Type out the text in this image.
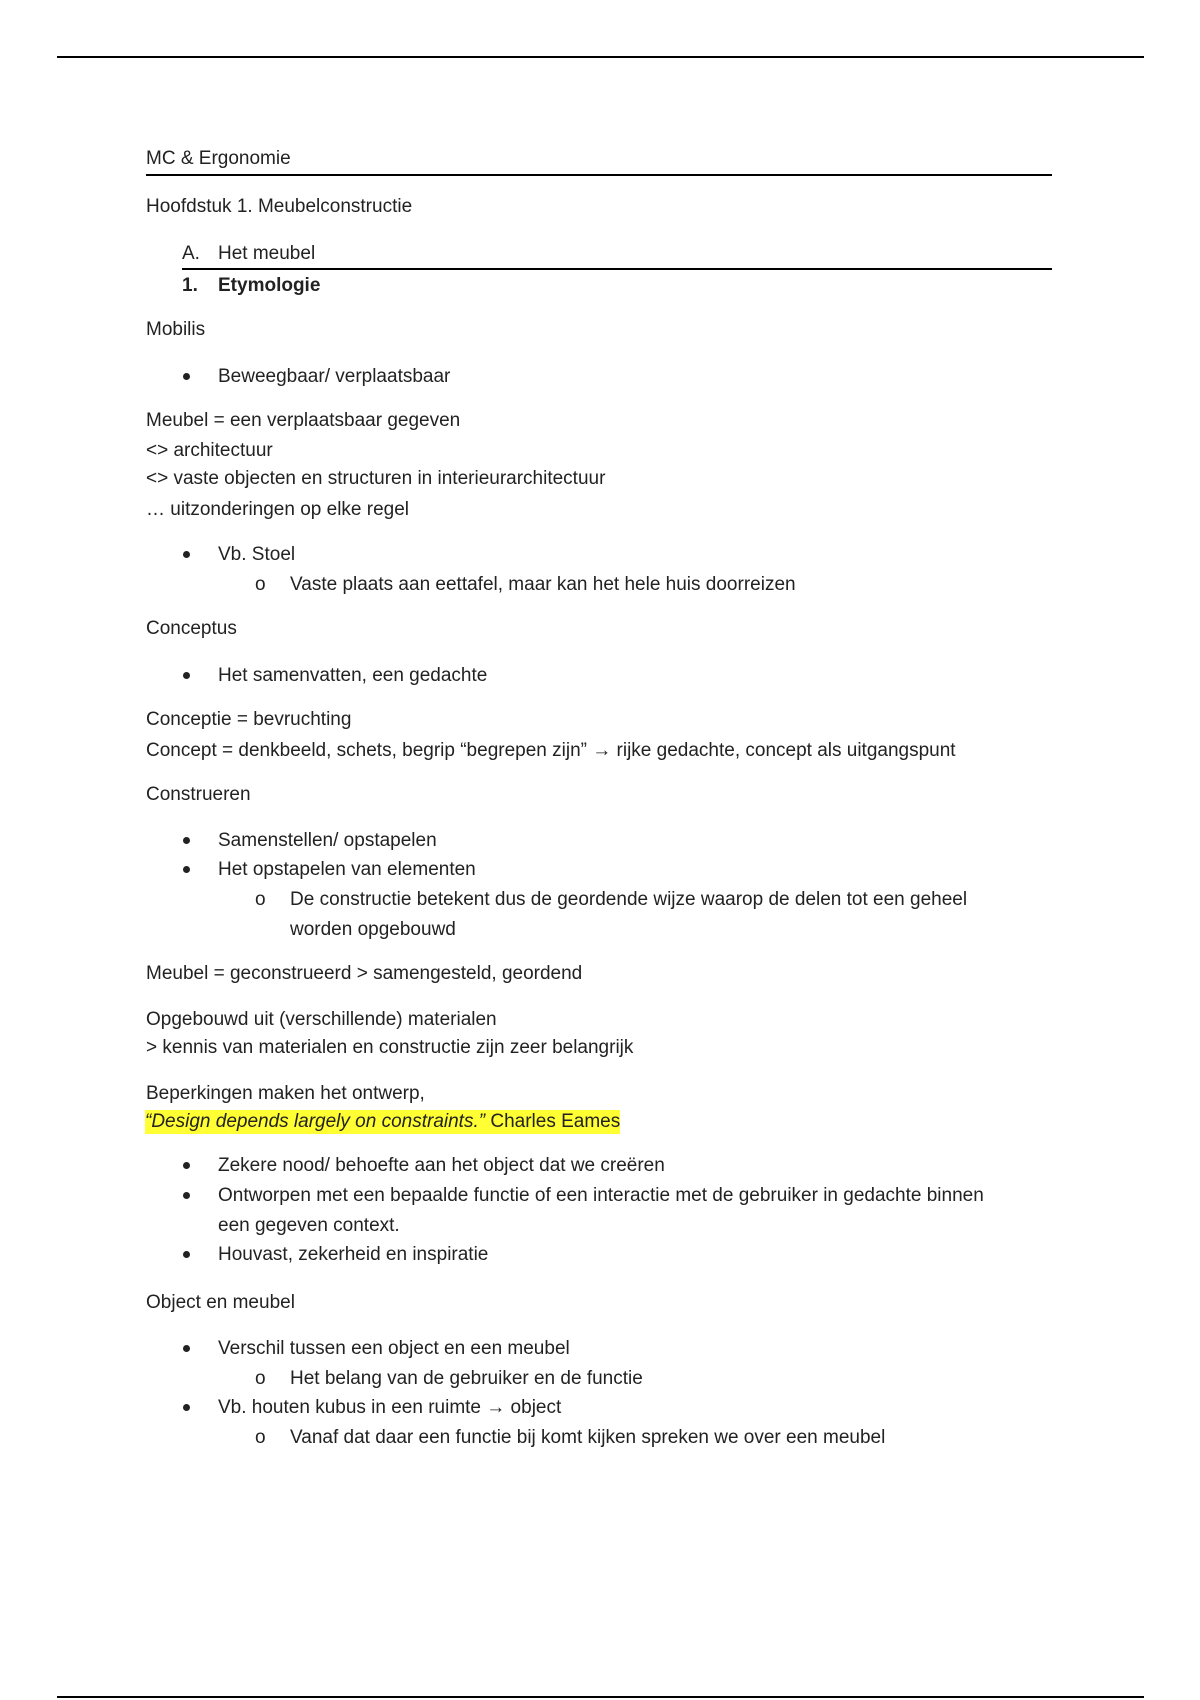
MC & Ergonomie
Hoofdstuk 1. Meubelconstructie
A. Het meubel
1. Etymologie
Mobilis
Beweegbaar/ verplaatsbaar
Meubel = een verplaatsbaar gegeven
<> architectuur
<> vaste objecten en structuren in interieurarchitectuur
… uitzonderingen op elke regel
Vb. Stoel
o Vaste plaats aan eettafel, maar kan het hele huis doorreizen
Conceptus
Het samenvatten, een gedachte
Conceptie = bevruchting
Concept = denkbeeld, schets, begrip “begrepen zijn” → rijke gedachte, concept als uitgangspunt
Construeren
Samenstellen/ opstapelen
Het opstapelen van elementen
o De constructie betekent dus de geordende wijze waarop de delen tot een geheel
worden opgebouwd
Meubel = geconstrueerd > samengesteld, geordend
Opgebouwd uit (verschillende) materialen
> kennis van materialen en constructie zijn zeer belangrijk
Beperkingen maken het ontwerp,
“Design depends largely on constraints.” Charles Eames
Zekere nood/ behoefte aan het object dat we creëren
Ontworpen met een bepaalde functie of een interactie met de gebruiker in gedachte binnen
een gegeven context.
Houvast, zekerheid en inspiratie
Object en meubel
Verschil tussen een object en een meubel
o Het belang van de gebruiker en de functie
Vb. houten kubus in een ruimte → object
o Vanaf dat daar een functie bij komt kijken spreken we over een meubel
